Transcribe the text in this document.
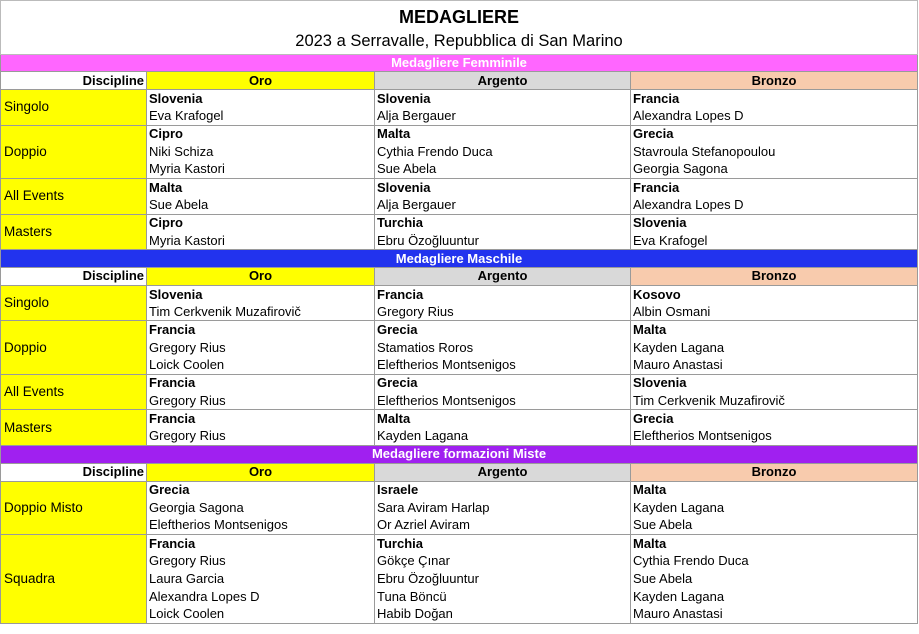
MEDAGLIERE			
2023 a Serravalle, Repubblica di San Marino			
Medagliere Femminile			
Discipline	Oro	Argento	Bronzo
Singolo	Slovenia	Slovenia	Francia
	Eva Krafogel	Alja Bergauer	Alexandra Lopes D
Doppio	Cipro	Malta	Grecia
	Niki Schiza	Cythia Frendo Duca	Stavroula Stefanopoulou
	Myria Kastori	Sue Abela	Georgia Sagona
All Events	Malta	Slovenia	Francia
	Sue Abela	Alja Bergauer	Alexandra Lopes D
Masters	Cipro	Turchia	Slovenia
	Myria Kastori	Ebru Özoğluuntur	Eva Krafogel
Medagliere Maschile			
Discipline	Oro	Argento	Bronzo
Singolo	Slovenia	Francia	Kosovo
	Tim Cerkvenik Muzafirovič	Gregory Rius	Albin Osmani
Doppio	Francia	Grecia	Malta
	Gregory Rius	Stamatios Roros	Kayden Lagana
	Loick Coolen	Eleftherios Montsenigos	Mauro Anastasi
All Events	Francia	Grecia	Slovenia
	Gregory Rius	Eleftherios Montsenigos	Tim Cerkvenik Muzafirovič
Masters	Francia	Malta	Grecia
	Gregory Rius	Kayden Lagana	Eleftherios Montsenigos
Medagliere formazioni Miste			
Discipline	Oro	Argento	Bronzo
Doppio Misto	Grecia	Israele	Malta
	Georgia Sagona	Sara Aviram Harlap	Kayden Lagana
	Eleftherios Montsenigos	Or Azriel Aviram	Sue Abela
Squadra	Francia	Turchia	Malta
	Gregory Rius	Gökçe Çınar	Cythia Frendo Duca
	Laura Garcia	Ebru Özoğluuntur	Sue Abela
	Alexandra Lopes D	Tuna Böncü	Kayden Lagana
	Loick Coolen	Habib Doğan	Mauro Anastasi
